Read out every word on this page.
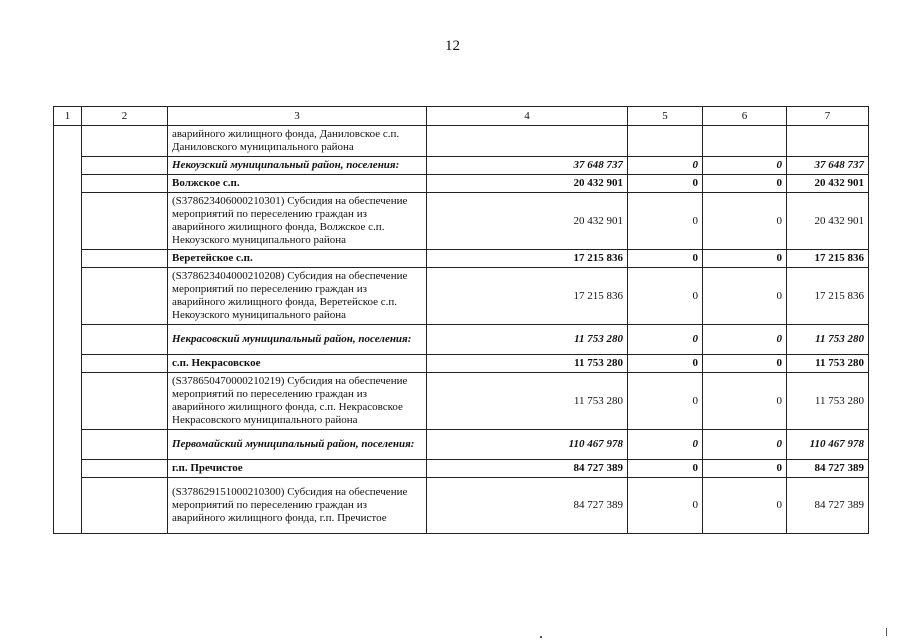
12
1	2	3	4	5	6	7
		аварийного жилищного фонда, Даниловское с.п. Даниловского муниципального района				
		Некоузский муниципальный район, поселения:	37 648 737	0	0	37 648 737
		Волжское с.п.	20 432 901	0	0	20 432 901
		(S378623406000210301) Субсидия на обеспечение мероприятий по переселению граждан из аварийного жилищного фонда, Волжское с.п. Некоузского муниципального района	20 432 901	0	0	20 432 901
		Веретейское с.п.	17 215 836	0	0	17 215 836
		(S378623404000210208) Субсидия на обеспечение мероприятий по переселению граждан из аварийного жилищного фонда, Веретейское с.п. Некоузского муниципального района	17 215 836	0	0	17 215 836
		Некрасовский муниципальный район, поселения:	11 753 280	0	0	11 753 280
		с.п. Некрасовское	11 753 280	0	0	11 753 280
		(S378650470000210219) Субсидия на обеспечение мероприятий по переселению граждан из аварийного жилищного фонда, с.п. Некрасовское Некрасовского муниципального района	11 753 280	0	0	11 753 280
		Первомайский муниципальный район, поселения:	110 467 978	0	0	110 467 978
		г.п. Пречистое	84 727 389	0	0	84 727 389
		(S378629151000210300) Субсидия на обеспечение мероприятий по переселению граждан из аварийного жилищного фонда, г.п. Пречистое	84 727 389	0	0	84 727 389
